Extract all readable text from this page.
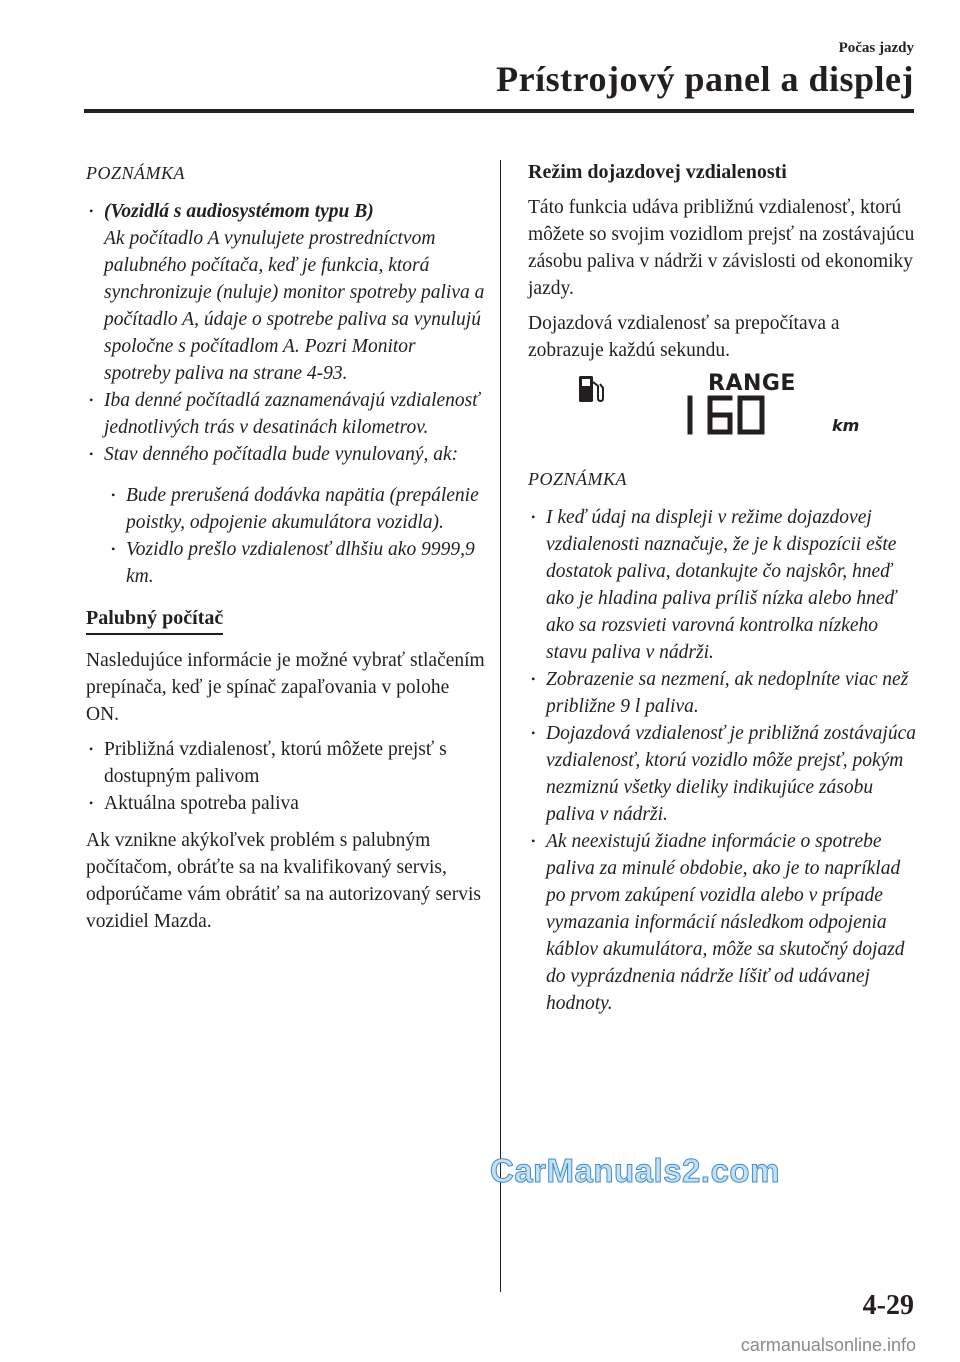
Počas jazdy
Prístrojový panel a displej
POZNÁMKA
• (Vozidlá s audiosystémom typu B)
Ak počítadlo A vynulujete prostredníctvom palubného počítača, keď je funkcia, ktorá synchronizuje (nuluje) monitor spotreby paliva a počítadlo A, údaje o spotrebe paliva sa vynulujú spoločne s počítadlom A. Pozri Monitor spotreby paliva na strane 4-93.
• Iba denné počítadlá zaznamenávajú vzdialenosť jednotlivých trás v desatinách kilometrov.
• Stav denného počítadla bude vynulovaný, ak:
• Bude prerušená dodávka napätia (prepálenie poistky, odpojenie akumulátora vozidla).
• Vozidlo prešlo vzdialenosť dlhšiu ako 9999,9 km.
Palubný počítač

Nasledujúce informácie je možné vybrať stlačením prepínača, keď je spínač zapaľovania v polohe ON.

• Približná vzdialenosť, ktorú môžete prejsť s dostupným palivom
• Aktuálna spotreba paliva

Ak vznikne akýkoľvek problém s palubným počítačom, obráťte sa na kvalifikovaný servis, odporúčame vám obrátiť sa na autorizovaný servis vozidiel Mazda.

Režim dojazdovej vzdialenosti

Táto funkcia udáva približnú vzdialenosť, ktorú môžete so svojim vozidlom prejsť na zostávajúcu zásobu paliva v nádrži v závislosti od ekonomiky jazdy.

Dojazdová vzdialenosť sa prepočítava a zobrazuje každú sekundu.

RANGE
km
POZNÁMKA
• I keď údaj na displeji v režime dojazdovej vzdialenosti naznačuje, že je k dispozícii ešte dostatok paliva, dotankujte čo najskôr, hneď ako je hladina paliva príliš nízka alebo hneď ako sa rozsvieti varovná kontrolka nízkeho stavu paliva v nádrži.
• Zobrazenie sa nezmení, ak nedoplníte viac než približne 9 l paliva.
• Dojazdová vzdialenosť je približná zostávajúca vzdialenosť, ktorú vozidlo môže prejsť, pokým nezmiznú všetky dieliky indikujúce zásobu paliva v nádrži.
• Ak neexistujú žiadne informácie o spotrebe paliva za minulé obdobie, ako je to napríklad po prvom zakúpení vozidla alebo v prípade vymazania informácií následkom odpojenia káblov akumulátora, môže sa skutočný dojazd do vyprázdnenia nádrže líšiť od udávanej hodnoty.
CarManuals2.com
4-29
carmanualsonline.info
